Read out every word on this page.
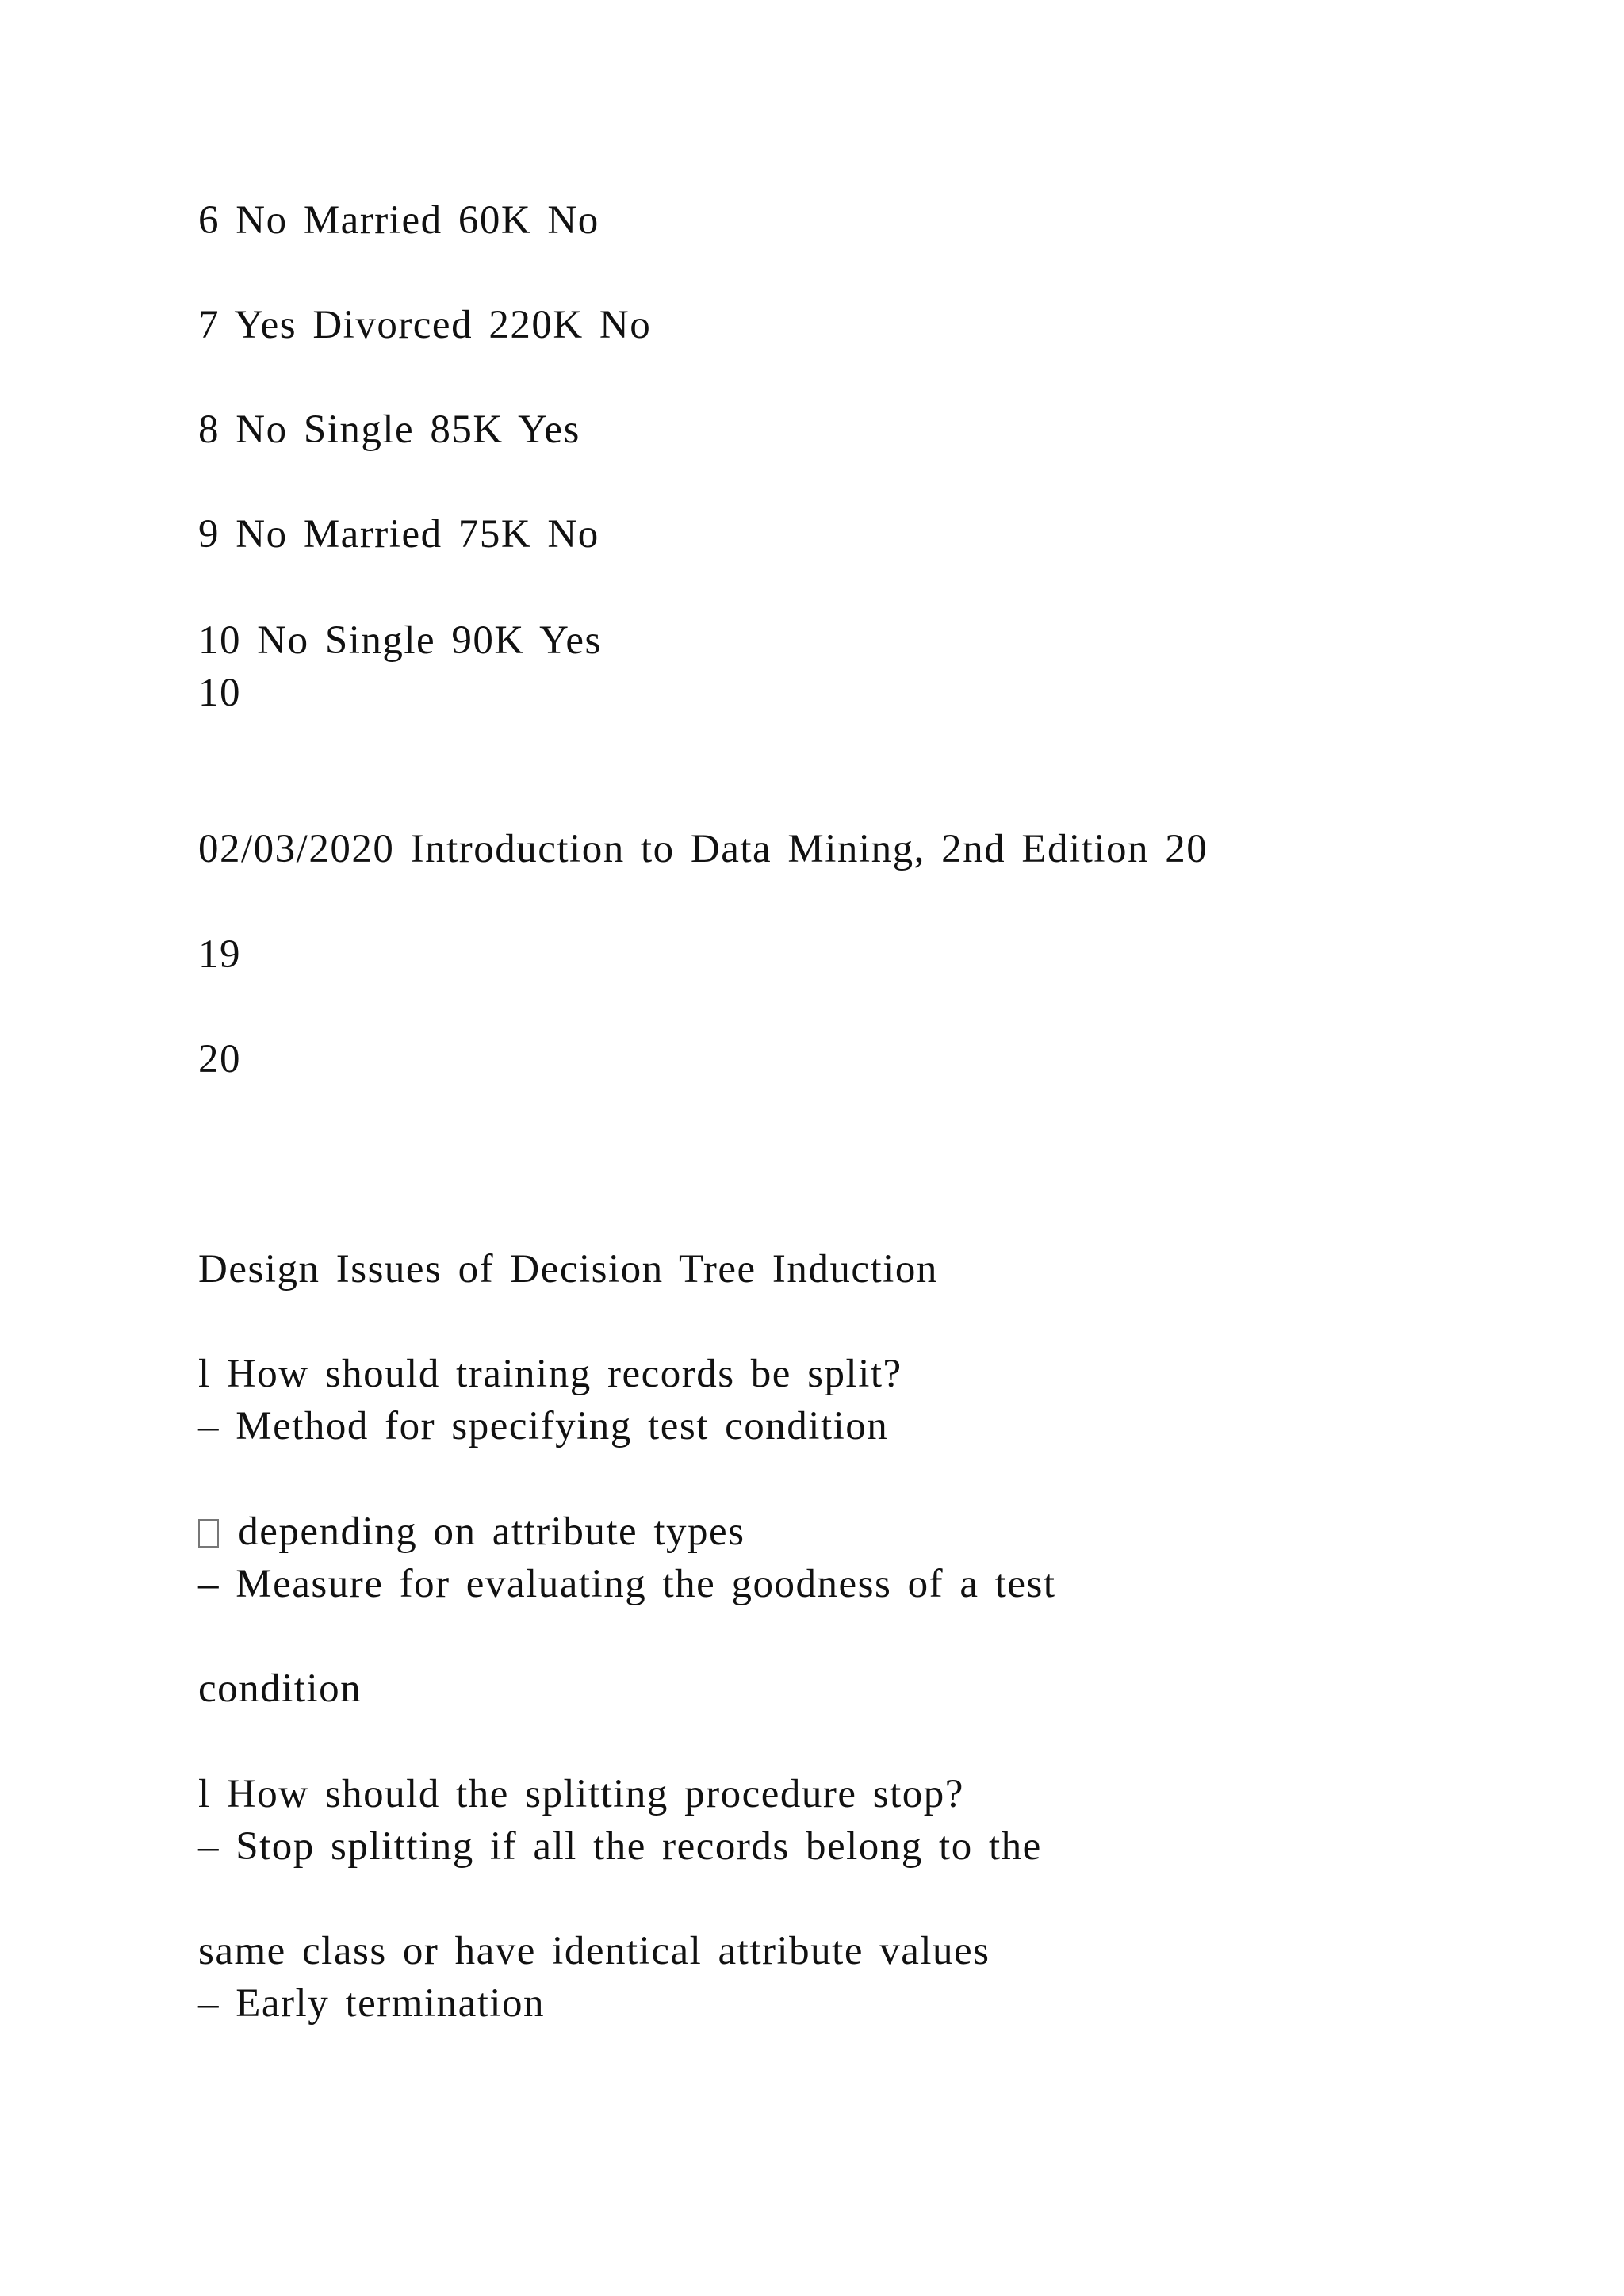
6 No Married 60K No
7 Yes Divorced 220K No
8 No Single 85K Yes
9 No Married 75K No
10 No Single 90K Yes
10
02/03/2020 Introduction to Data Mining, 2nd Edition 20
19
20
Design Issues of Decision Tree Induction
l How should training records be split?
– Method for specifying test condition
depending on attribute types
– Measure for evaluating the goodness of a test
condition
l How should the splitting procedure stop?
– Stop splitting if all the records belong to the
same class or have identical attribute values
– Early termination
